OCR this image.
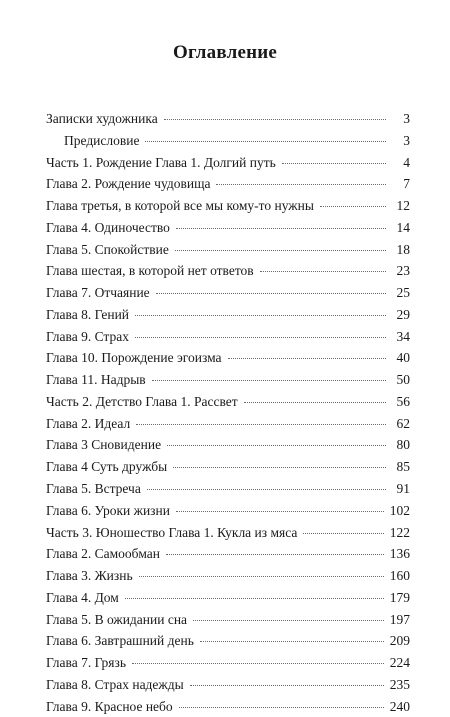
Оглавление
Записки художника	3
Предисловие	3
Часть 1. Рождение Глава 1. Долгий путь	4
Глава 2. Рождение чудовища	7
Глава третья, в которой все мы кому-то нужны	12
Глава 4. Одиночество	14
Глава 5. Спокойствие	18
Глава шестая, в которой нет ответов	23
Глава 7. Отчаяние	25
Глава 8. Гений	29
Глава 9. Страх	34
Глава 10. Порождение эгоизма	40
Глава 11. Надрыв	50
Часть 2. Детство Глава 1. Рассвет	56
Глава 2. Идеал	62
Глава 3 Сновидение	80
Глава 4 Суть дружбы	85
Глава 5. Встреча	91
Глава 6. Уроки жизни	102
Часть 3. Юношество Глава 1. Кукла из мяса	122
Глава 2. Самообман	136
Глава 3. Жизнь	160
Глава 4. Дом	179
Глава 5. В ожидании сна	197
Глава 6. Завтрашний день	209
Глава 7. Грязь	224
Глава 8. Страх надежды	235
Глава 9. Красное небо	240
